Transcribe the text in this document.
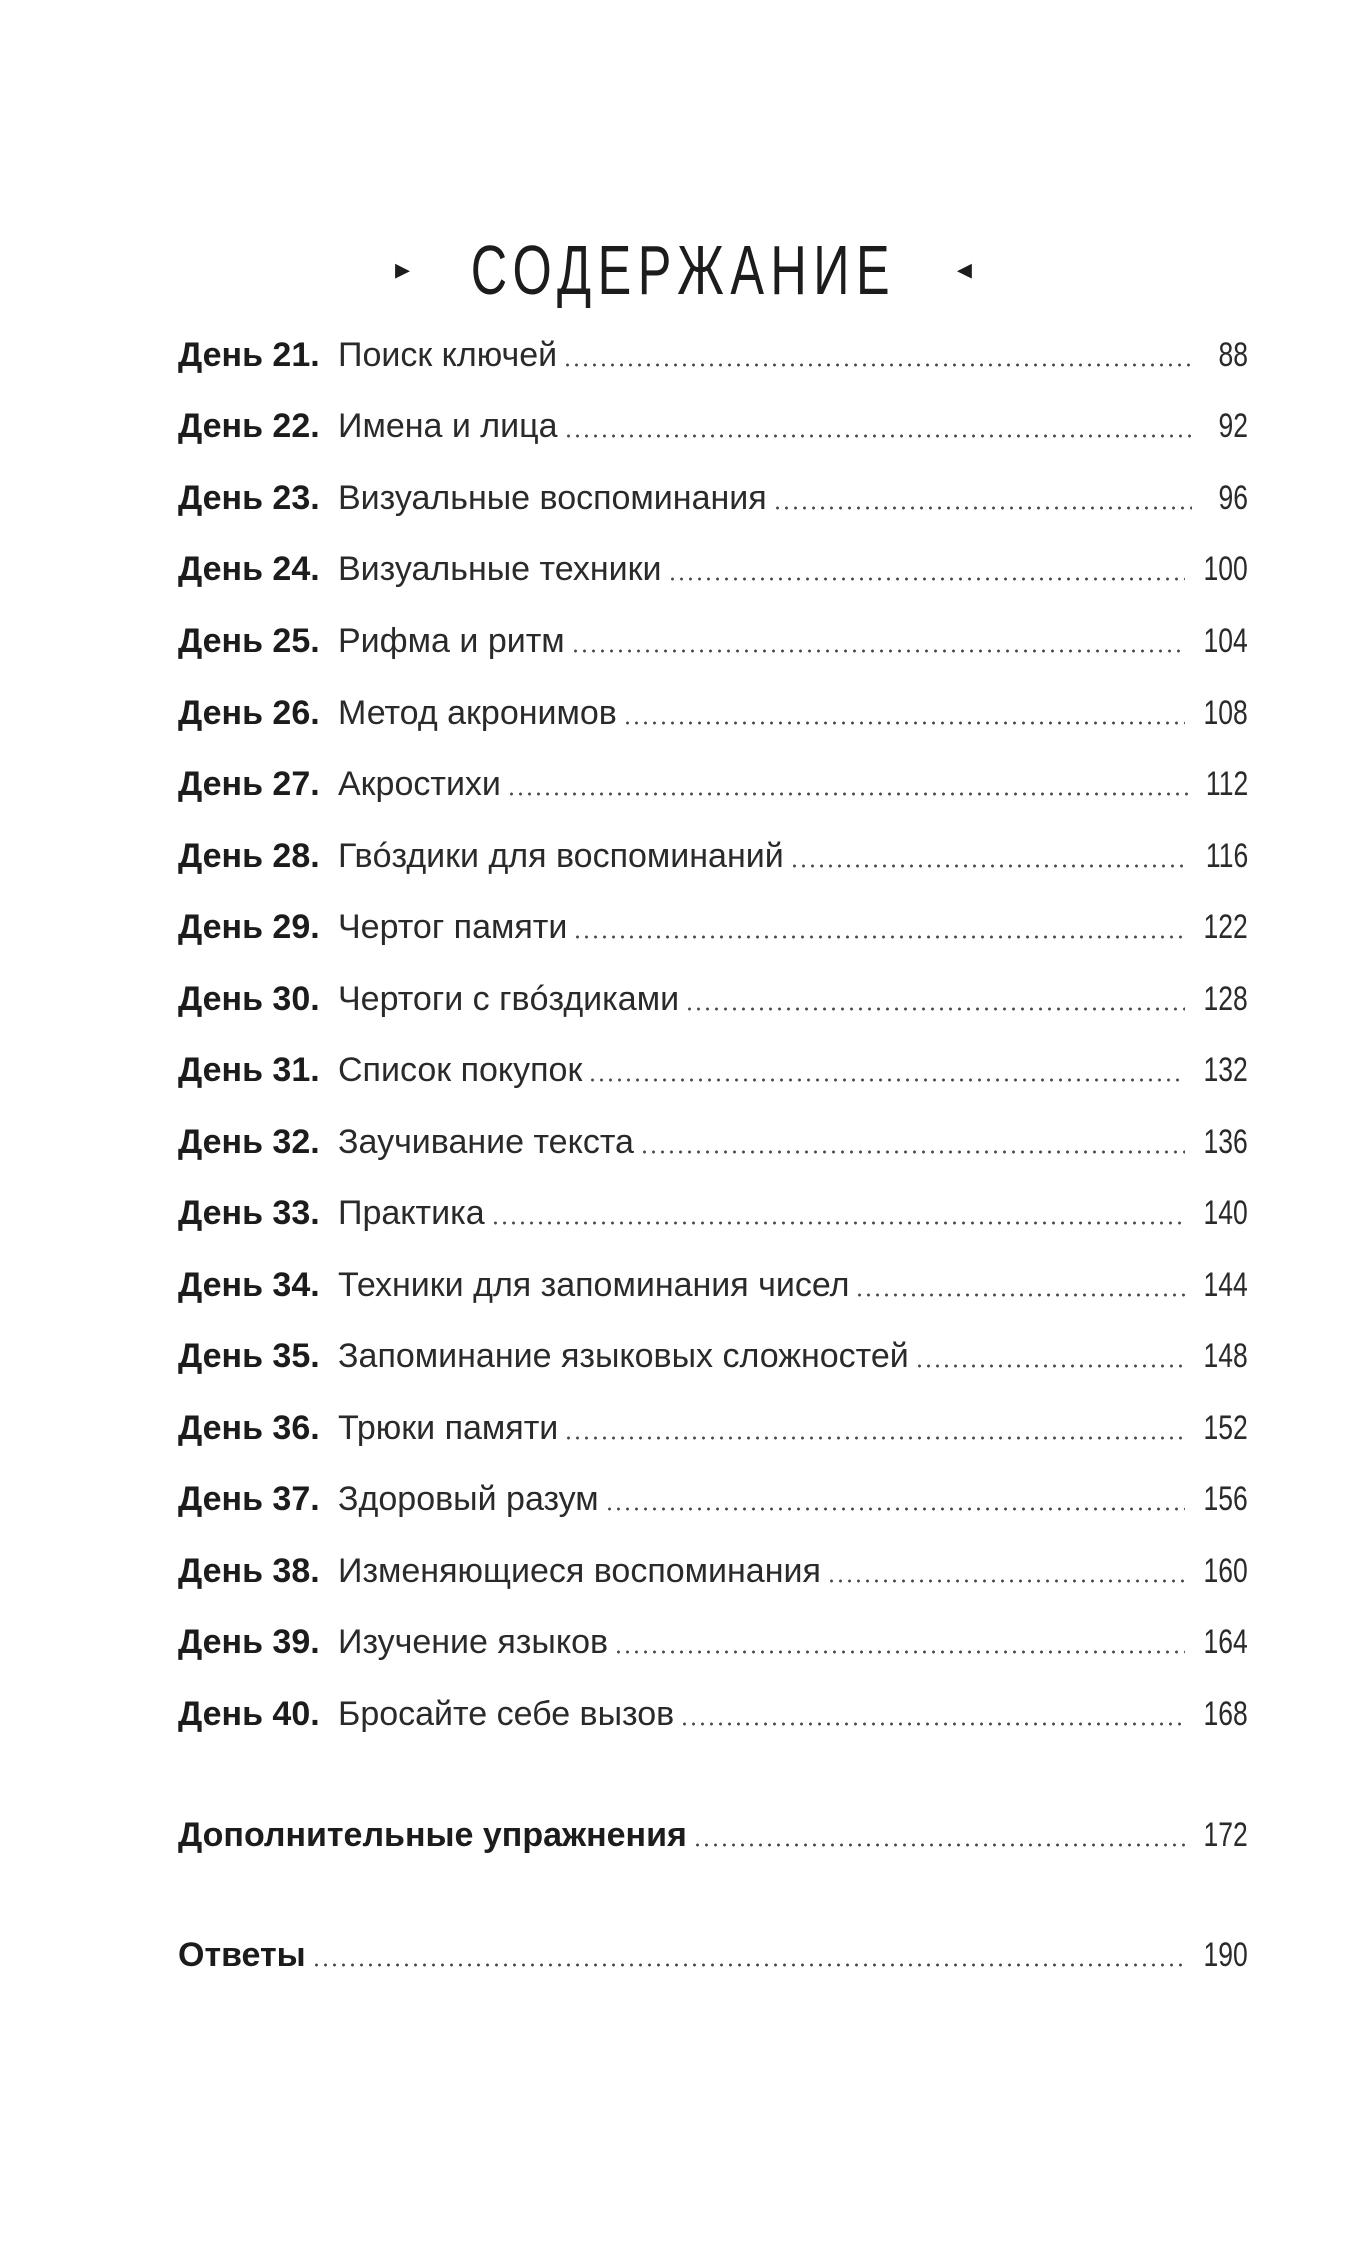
▸ СОДЕРЖАНИЕ ◂
День 21. Поиск ключей	88
День 22. Имена и лица	92
День 23. Визуальные воспоминания	96
День 24. Визуальные техники	100
День 25. Рифма и ритм	104
День 26. Метод акронимов	108
День 27. Акростихи	112
День 28. Гвóздики для воспоминаний	116
День 29. Чертог памяти	122
День 30. Чертоги с гвóздиками	128
День 31. Список покупок	132
День 32. Заучивание текста	136
День 33. Практика	140
День 34. Техники для запоминания чисел	144
День 35. Запоминание языковых сложностей	148
День 36. Трюки памяти	152
День 37. Здоровый разум	156
День 38. Изменяющиеся воспоминания	160
День 39. Изучение языков	164
День 40. Бросайте себе вызов	168
Дополнительные упражнения	172
Ответы	190
